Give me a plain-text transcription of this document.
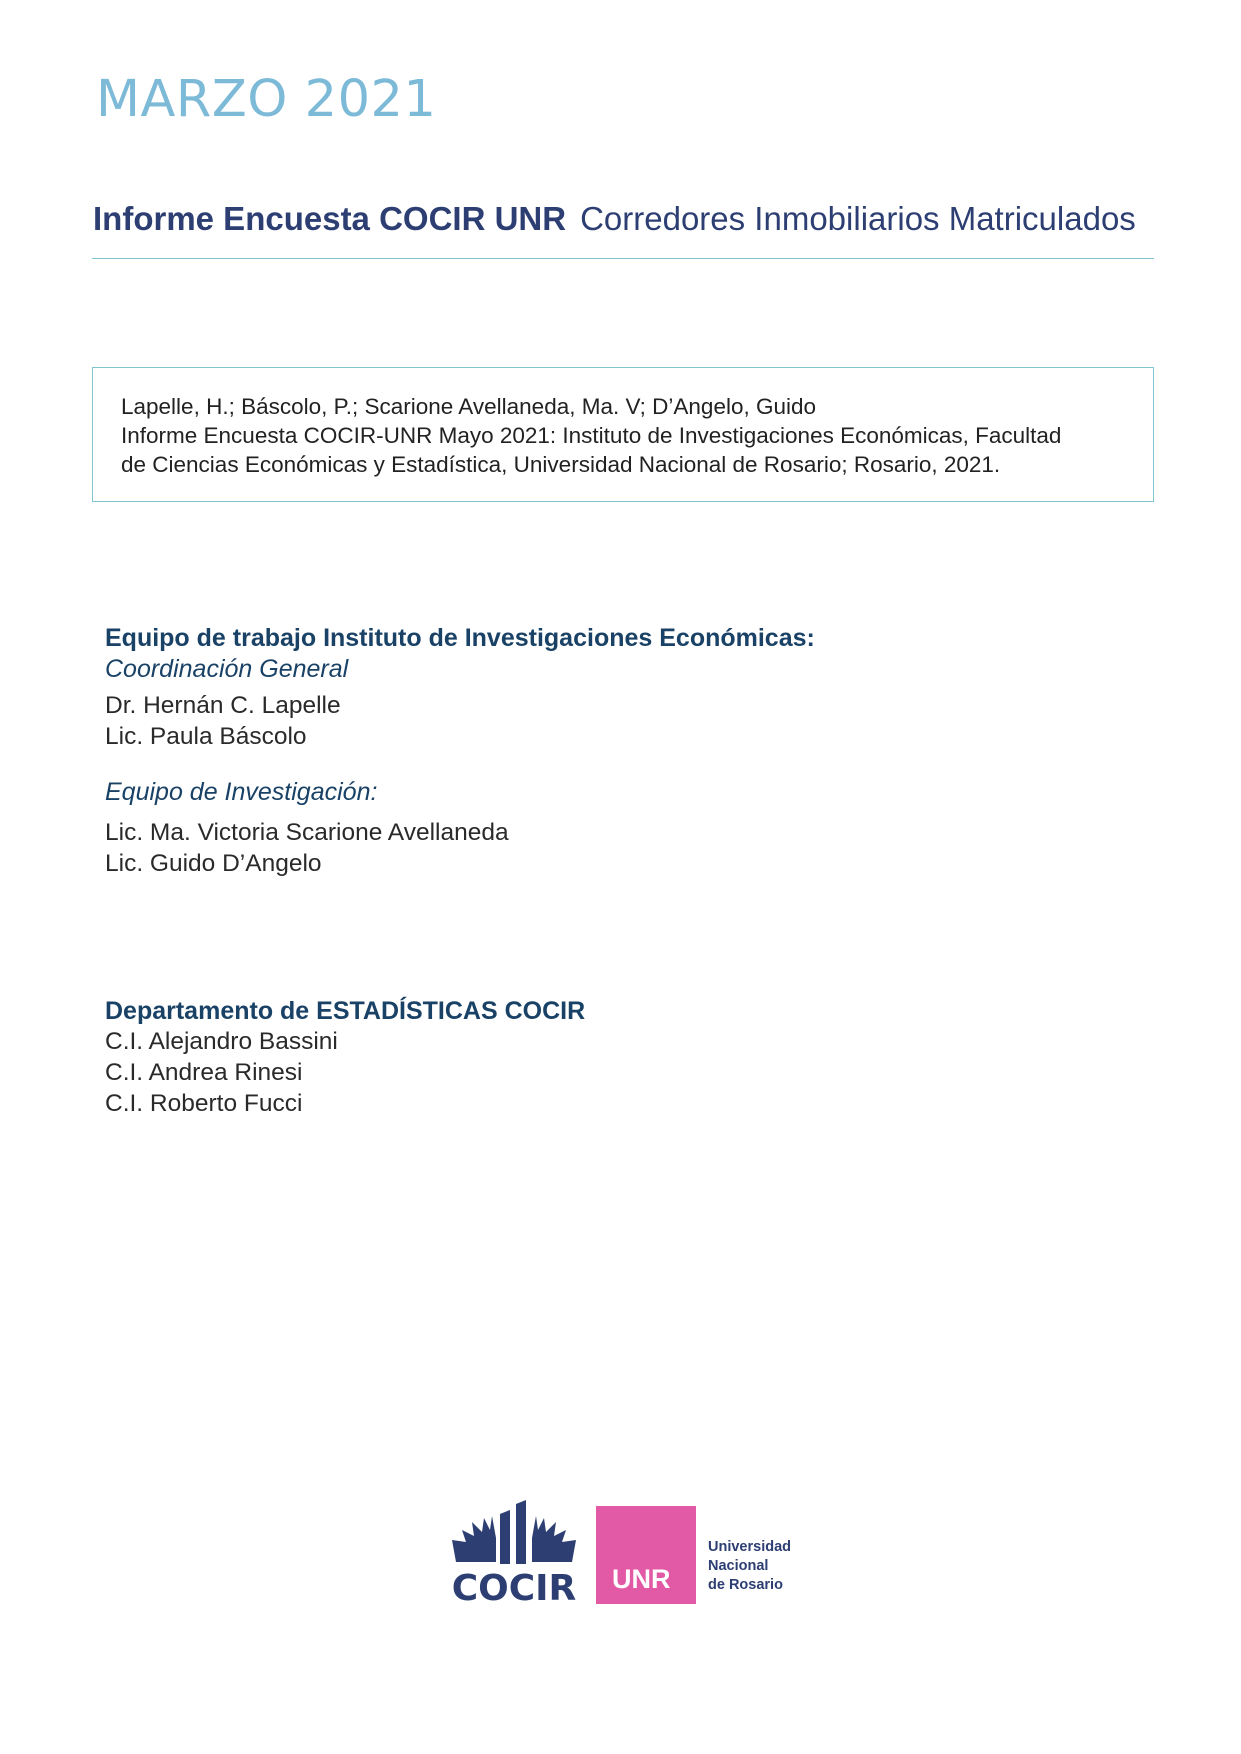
MARZO 2021
Informe Encuesta COCIR UNR Corredores Inmobiliarios Matriculados
Lapelle, H.; Báscolo, P.; Scarione Avellaneda, Ma. V; D’Angelo, Guido
Informe Encuesta COCIR-UNR Mayo 2021: Instituto de Investigaciones Económicas, Facultad
de Ciencias Económicas y Estadística, Universidad Nacional de Rosario; Rosario, 2021.
Equipo de trabajo Instituto de Investigaciones Económicas:
Coordinación General
Dr. Hernán C. Lapelle
Lic. Paula Báscolo
Equipo de Investigación:
Lic. Ma. Victoria Scarione Avellaneda
Lic. Guido D’Angelo
Departamento de ESTADÍSTICAS COCIR
C.I. Alejandro Bassini
C.I. Andrea Rinesi
C.I. Roberto Fucci
COCIR UNR
Universidad
Nacional
de Rosario
